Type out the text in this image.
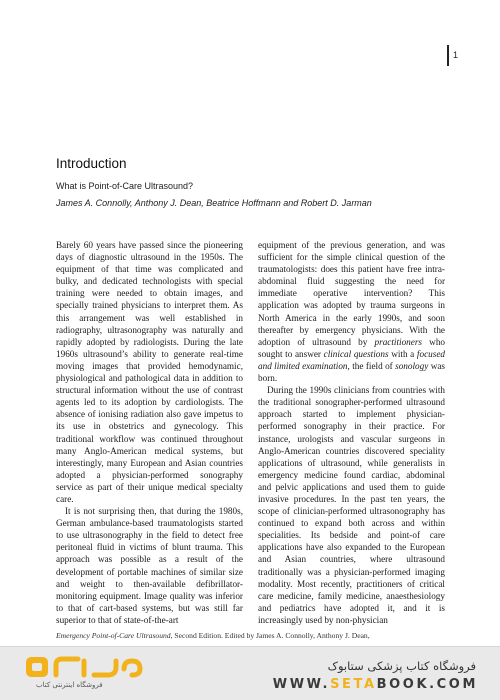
1
Introduction
What is Point-of-Care Ultrasound?
James A. Connolly, Anthony J. Dean, Beatrice Hoffmann and Robert D. Jarman

Barely 60 years have passed since the pioneering days of diagnostic ultrasound in the 1950s. The equipment of that time was complicated and bulky, and dedicated technologists with special training were needed to obtain images, and specially trained physicians to interpret them. As this arrangement was well established in radiography, ultrasonography was naturally and rapidly adopted by radiologists. During the late 1960s ultrasound’s ability to generate real-time moving images that provided hemodynamic, physiological and pathological data in addition to structural information without the use of contrast agents led to its adoption by cardiologists. The absence of ionising radiation also gave impetus to its use in obstetrics and gynecology. This traditional workflow was continued throughout many Anglo-American medical systems, but interestingly, many European and Asian countries adopted a physician-performed sonography service as part of their unique medical specialty care.

It is not surprising then, that during the 1980s, German ambulance-based traumatologists started to use ultrasonography in the field to detect free peritoneal fluid in victims of blunt trauma. This approach was possible as a result of the development of portable machines of similar size and weight to then-available defibrillator-monitoring equipment. Image quality was inferior to that of cart-based systems, but was still far superior to that of state-of-the-art

equipment of the previous generation, and was sufficient for the simple clinical question of the traumatologists: does this patient have free intra-abdominal fluid suggesting the need for immediate operative intervention? This application was adopted by trauma surgeons in North America in the early 1990s, and soon thereafter by emergency physicians. With the adoption of ultrasound by practitioners who sought to answer clinical questions with a focused and limited examination, the field of sonology was born.

During the 1990s clinicians from countries with the traditional sonographer-performed ultrasound approach started to implement physician-performed sonography in their practice. For instance, urologists and vascular surgeons in Anglo-American countries discovered speciality applications of ultrasound, while generalists in emergency medicine found cardiac, abdominal and pelvic applications and used them to guide invasive procedures. In the past ten years, the scope of clinician-performed ultrasonography has continued to expand both across and within specialities. Its bedside and point-of care applications have also expanded to the European and Asian countries, where ultrasound traditionally was a physician-performed imaging modality. Most recently, practitioners of critical care medicine, family medicine, anaesthesiology and pediatrics have adopted it, and it is increasingly used by non-physician

Emergency Point-of-Care Ultrasound, Second Edition. Edited by James A. Connolly, Anthony J. Dean,
فروشگاه اینترنتی کتاب
فروشگاه کتاب پزشکی ستابوک
WWW.SETABOOK.COM
